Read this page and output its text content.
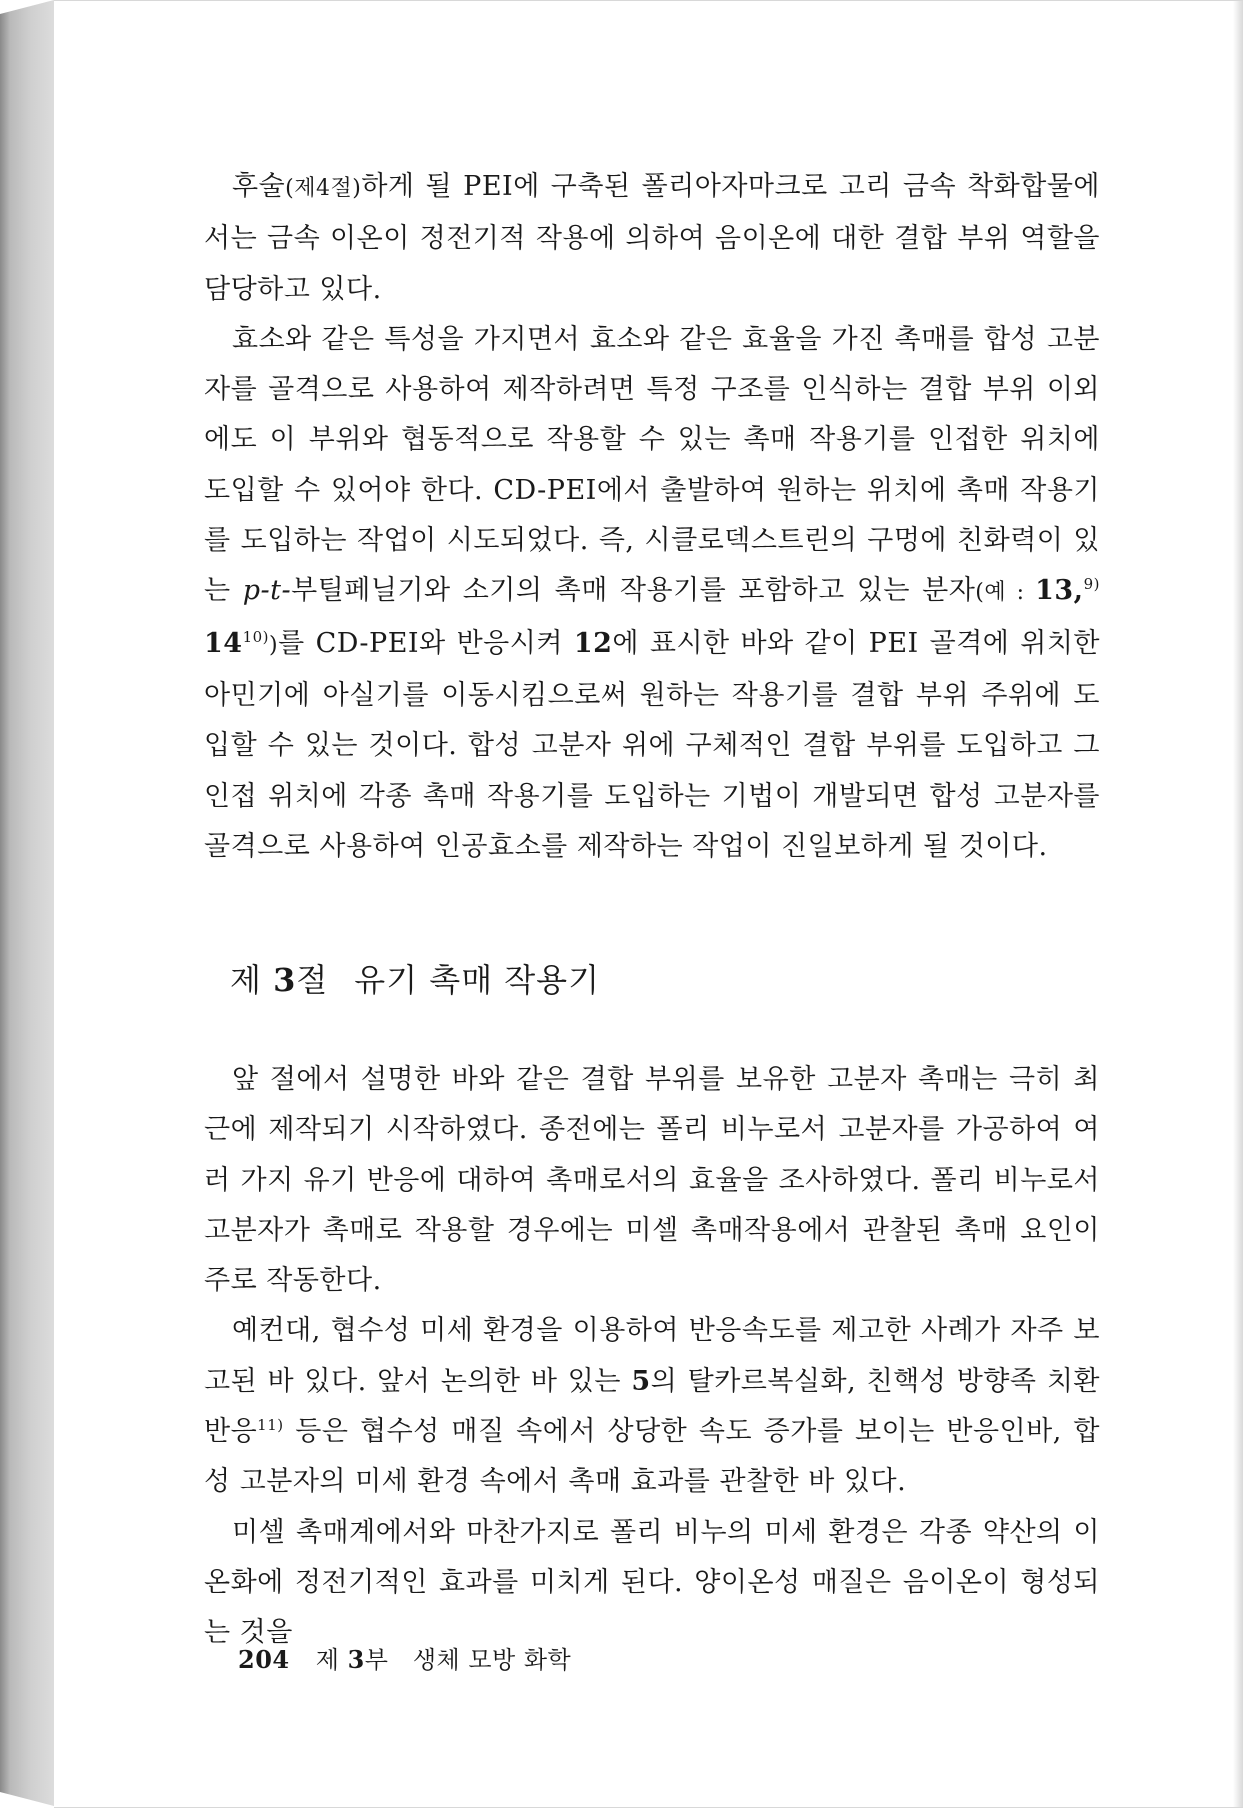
후술(제4절)하게 될 PEI에 구축된 폴리아자마크로 고리 금속 착화합물에서는 금속 이온이 정전기적 작용에 의하여 음이온에 대한 결합 부위 역할을 담당하고 있다.

효소와 같은 특성을 가지면서 효소와 같은 효율을 가진 촉매를 합성 고분자를 골격으로 사용하여 제작하려면 특정 구조를 인식하는 결합 부위 이외에도 이 부위와 협동적으로 작용할 수 있는 촉매 작용기를 인접한 위치에 도입할 수 있어야 한다. CD-PEI에서 출발하여 원하는 위치에 촉매 작용기를 도입하는 작업이 시도되었다. 즉, 시클로덱스트린의 구멍에 친화력이 있는 p-t-부틸페닐기와 소기의 촉매 작용기를 포함하고 있는 분자(예 : 13,$^{9)}$ 14$^{10)}$)를 CD-PEI와 반응시켜 12에 표시한 바와 같이 PEI 골격에 위치한 아민기에 아실기를 이동시킴으로써 원하는 작용기를 결합 부위 주위에 도입할 수 있는 것이다. 합성 고분자 위에 구체적인 결합 부위를 도입하고 그 인접 위치에 각종 촉매 작용기를 도입하는 기법이 개발되면 합성 고분자를 골격으로 사용하여 인공효소를 제작하는 작업이 진일보하게 될 것이다.

제 3절 유기 촉매 작용기

앞 절에서 설명한 바와 같은 결합 부위를 보유한 고분자 촉매는 극히 최근에 제작되기 시작하였다. 종전에는 폴리 비누로서 고분자를 가공하여 여러 가지 유기 반응에 대하여 촉매로서의 효율을 조사하였다. 폴리 비누로서 고분자가 촉매로 작용할 경우에는 미셀 촉매작용에서 관찰된 촉매 요인이 주로 작동한다.

예컨대, 협수성 미세 환경을 이용하여 반응속도를 제고한 사례가 자주 보고된 바 있다. 앞서 논의한 바 있는 5의 탈카르복실화, 친핵성 방향족 치환반응$^{11)}$ 등은 협수성 매질 속에서 상당한 속도 증가를 보이는 반응인바, 합성 고분자의 미세 환경 속에서 촉매 효과를 관찰한 바 있다.

미셀 촉매계에서와 마찬가지로 폴리 비누의 미세 환경은 각종 약산의 이온화에 정전기적인 효과를 미치게 된다. 양이온성 매질은 음이온이 형성되는 것을

204 제 3부 생체 모방 화학
